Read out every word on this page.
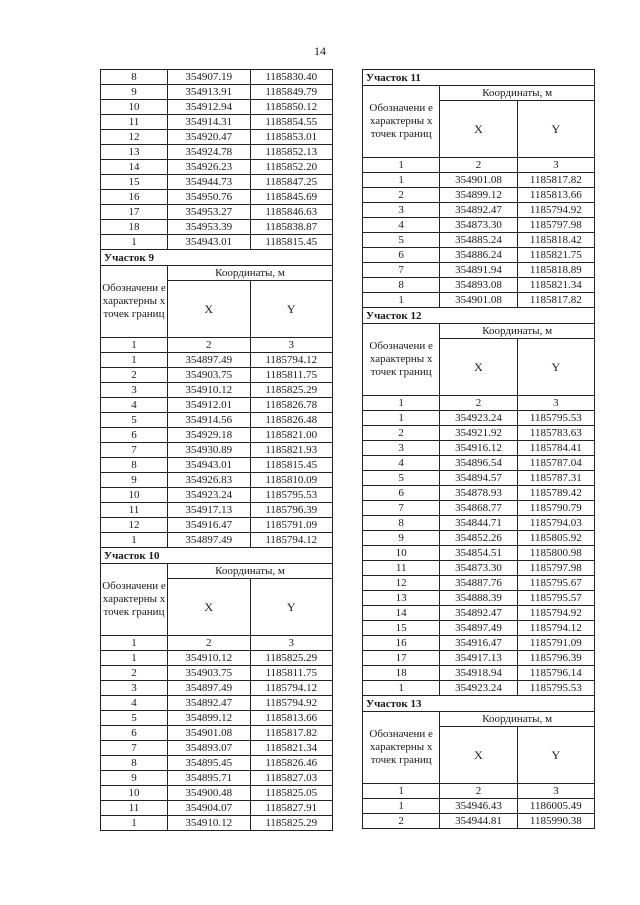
14
8	354907.19	1185830.40
9	354913.91	1185849.79
10	354912.94	1185850.12
11	354914.31	1185854.55
12	354920.47	1185853.01
13	354924.78	1185852.13
14	354926.23	1185852.20
15	354944.73	1185847.25
16	354950.76	1185845.69
17	354953.27	1185846.63
18	354953.39	1185838.87
1	354943.01	1185815.45
Участок 9		
Обозначени е характерны х точек границ	Координаты, м	
	X	Y
1	2	3
1	354897.49	1185794.12
2	354903.75	1185811.75
3	354910.12	1185825.29
4	354912.01	1185826.78
5	354914.56	1185826.48
6	354929.18	1185821.00
7	354930.89	1185821.93
8	354943.01	1185815.45
9	354926.83	1185810.09
10	354923.24	1185795.53
11	354917.13	1185796.39
12	354916.47	1185791.09
1	354897.49	1185794.12
Участок 10		
Обозначени е характерны х точек границ	Координаты, м	
	X	Y
1	2	3
1	354910.12	1185825.29
2	354903.75	1185811.75
3	354897.49	1185794.12
4	354892.47	1185794.92
5	354899.12	1185813.66
6	354901.08	1185817.82
7	354893.07	1185821.34
8	354895.45	1185826.46
9	354895.71	1185827.03
10	354900.48	1185825.05
11	354904.07	1185827.91
1	354910.12	1185825.29
Участок 11		
Обозначени е характерны х точек границ	Координаты, м	
	X	Y
1	2	3
1	354901.08	1185817.82
2	354899.12	1185813.66
3	354892.47	1185794.92
4	354873.30	1185797.98
5	354885.24	1185818.42
6	354886.24	1185821.75
7	354891.94	1185818.89
8	354893.08	1185821.34
1	354901.08	1185817.82
Участок 12		
Обозначени е характерны х точек границ	Координаты, м	
	X	Y
1	2	3
1	354923.24	1185795.53
2	354921.92	1185783.63
3	354916.12	1185784.41
4	354896.54	1185787.04
5	354894.57	1185787.31
6	354878.93	1185789.42
7	354868.77	1185790.79
8	354844.71	1185794.03
9	354852.26	1185805.92
10	354854.51	1185800.98
11	354873.30	1185797.98
12	354887.76	1185795.67
13	354888.39	1185795.57
14	354892.47	1185794.92
15	354897.49	1185794.12
16	354916.47	1185791.09
17	354917.13	1185796.39
18	354918.94	1185796.14
1	354923.24	1185795.53
Участок 13		
Обозначени е характерны х точек границ	Координаты, м	
	X	Y
1	2	3
1	354946.43	1186005.49
2	354944.81	1185990.38
